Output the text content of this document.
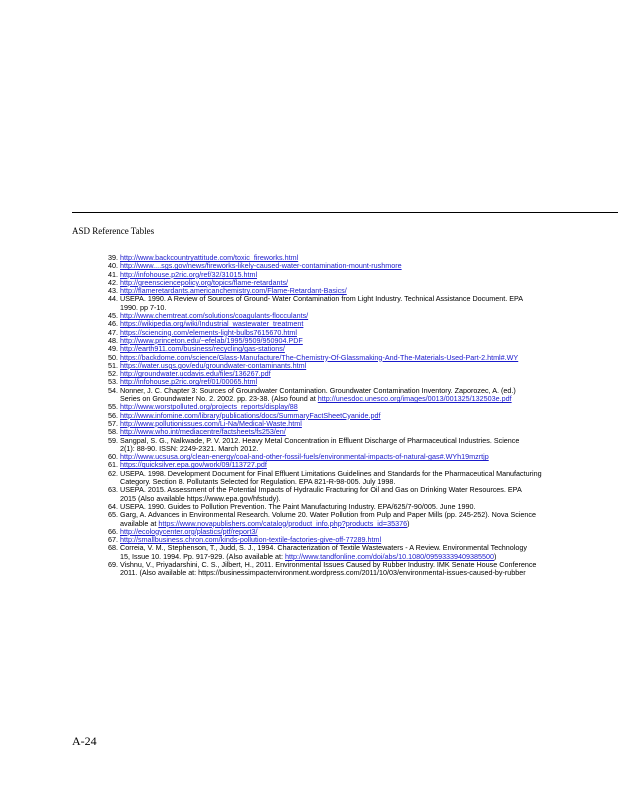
ASD Reference Tables
39. http://www.backcountryattitude.com/toxic_fireworks.html
40. http://www....sgs.gov/news/fireworks-likely-caused-water-contamination-mount-rushmore
41. http://infohouse.p2ric.org/ref/32/31015.html
42. http://greensciencepolicy.org/topics/flame-retardants/
43. http://flameretardants.americanchemistry.com/Flame-Retardant-Basics/
44. USEPA. 1990. A Review of Sources of Ground- Water Contamination from Light Industry. Technical Assistance Document. EPA
1990. pp 7-10.
45. http://www.chemtreat.com/solutions/coagulants-flocculants/
46. https://wikipedia.org/wiki/Industrial_wastewater_treatment
47. https://sciencing.com/elements-light-bulbs7615670.html
48. http://www.princeton.edu/~efelab/1995/9509/950904.PDF
49. http://earth911.com/business/recycling/gas-stations/
50. https://backdome.com/science/Glass-Manufacture/The-Chemistry-Of-Glassmaking-And-The-Materials-Used-Part-2.html#.WY
51. https://water.usgs.gov/edu/groundwater-contaminants.html
52. http://groundwater.ucdavis.edu/files/136267.pdf
53. http://infohouse.p2ric.org/ref/01/00065.html
54. Nonner, J. C. Chapter 3: Sources of Groundwater Contamination. Groundwater Contamination Inventory. Zaporozec, A. (ed.)
Series on Groundwater No. 2. 2002. pp. 23-38. (Also found at http://unesdoc.unesco.org/images/0013/001325/132503e.pdf
55. http://www.worstpolluted.org/projects_reports/display/88
56. http://www.infomine.com/library/publications/docs/SummaryFactSheetCyanide.pdf
57. http://www.pollutionissues.com/Li-Na/Medical-Waste.html
58. http://www.who.int/mediacentre/factsheets/fs253/en/
59. Sangpal, S. G., Nalkwade, P. V. 2012. Heavy Metal Concentration in Effluent Discharge of Pharmaceutical Industries. Science
2(1): 88-90. ISSN: 2249-2321. March 2012.
60. http://www.ucsusa.org/clean-energy/coal-and-other-fossil-fuels/environmental-impacts-of-natural-gas#.WYh19mzrtjp
61. https://quicksilver.epa.gov/work/09/113727.pdf
62. USEPA. 1998. Development Document for Final Effluent Limitations Guidelines and Standards for the Pharmaceutical Manufacturing
Category. Section 8. Pollutants Selected for Regulation. EPA 821-R-98-005. July 1998.
63. USEPA. 2015. Assessment of the Potential Impacts of Hydraulic Fracturing for Oil and Gas on Drinking Water Resources. EPA
2015 (Also available https://www.epa.gov/hfstudy).
64. USEPA. 1990. Guides to Pollution Prevention. The Paint Manufacturing Industry. EPA/625/7-90/005. June 1990.
65. Garg, A. Advances in Environmental Research. Volume 20. Water Pollution from Pulp and Paper Mills (pp. 245-252). Nova Science
available at https://www.novapublishers.com/catalog/product_info.php?products_id=35376)
66. http://ecologycenter.org/plastics/ptf/report3/
67. http://smallbusiness.chron.com/kinds-pollution-textile-factories-give-off-77289.html
68. Correia, V. M., Stephenson, T., Judd, S. J., 1994. Characterization of Textile Wastewaters - A Review. Environmental Technology
15, Issue 10. 1994. Pp. 917-929. (Also available at: http://www.tandfonline.com/doi/abs/10.1080/09593339409385500)
69. Vishnu, V., Priyadarshini, C. S., Jilbert, H., 2011. Environmental Issues Caused by Rubber Industry. IMK Senate House Conference
2011. (Also available at: https://businessimpactenvironment.wordpress.com/2011/10/03/environmental-issues-caused-by-rubber
A-24
